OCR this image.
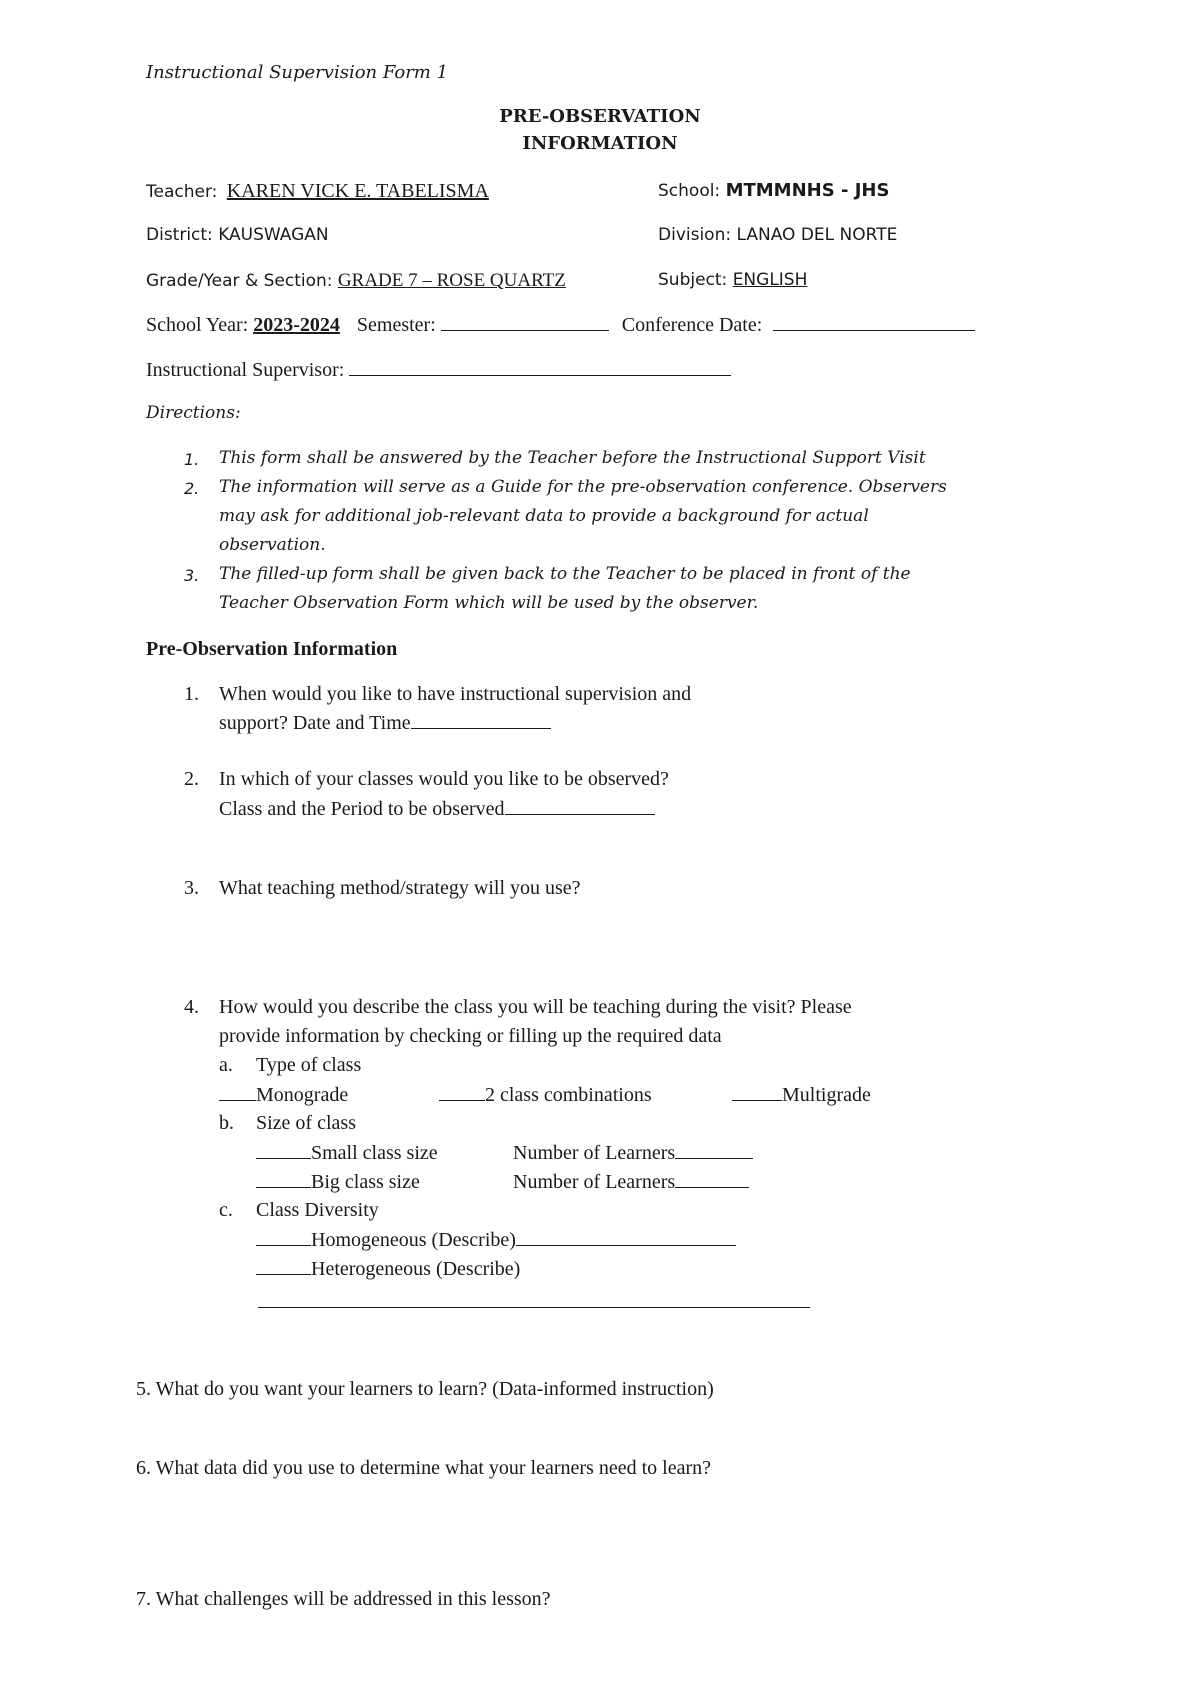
Instructional Supervision Form 1
PRE-OBSERVATION
INFORMATION
Teacher: KAREN VICK E. TABELISMA	School: MTMMNHS - JHS
District: KAUSWAGAN	Division: LANAO DEL NORTE
Grade/Year & Section: GRADE 7 – ROSE QUARTZ	Subject: ENGLISH
School Year: 2023-2024 Semester:	Conference Date:
Instructional Supervisor:
Directions:
1. This form shall be answered by the Teacher before the Instructional Support Visit
2. The information will serve as a Guide for the pre-observation conference. Observers
may ask for additional job-relevant data to provide a background for actual
observation.
3. The filled-up form shall be given back to the Teacher to be placed in front of the
Teacher Observation Form which will be used by the observer.
Pre-Observation Information
1. When would you like to have instructional supervision and
support? Date and Time
2. In which of your classes would you like to be observed?
Class and the Period to be observed
3. What teaching method/strategy will you use?
4. How would you describe the class you will be teaching during the visit? Please
provide information by checking or filling up the required data
a. Type of class
Monograde	2 class combinations	Multigrade
b. Size of class
Small class size	Number of Learners
Big class size	Number of Learners
c. Class Diversity
Homogeneous (Describe)
Heterogeneous (Describe)
5. What do you want your learners to learn? (Data-informed instruction)
6. What data did you use to determine what your learners need to learn?
7. What challenges will be addressed in this lesson?
